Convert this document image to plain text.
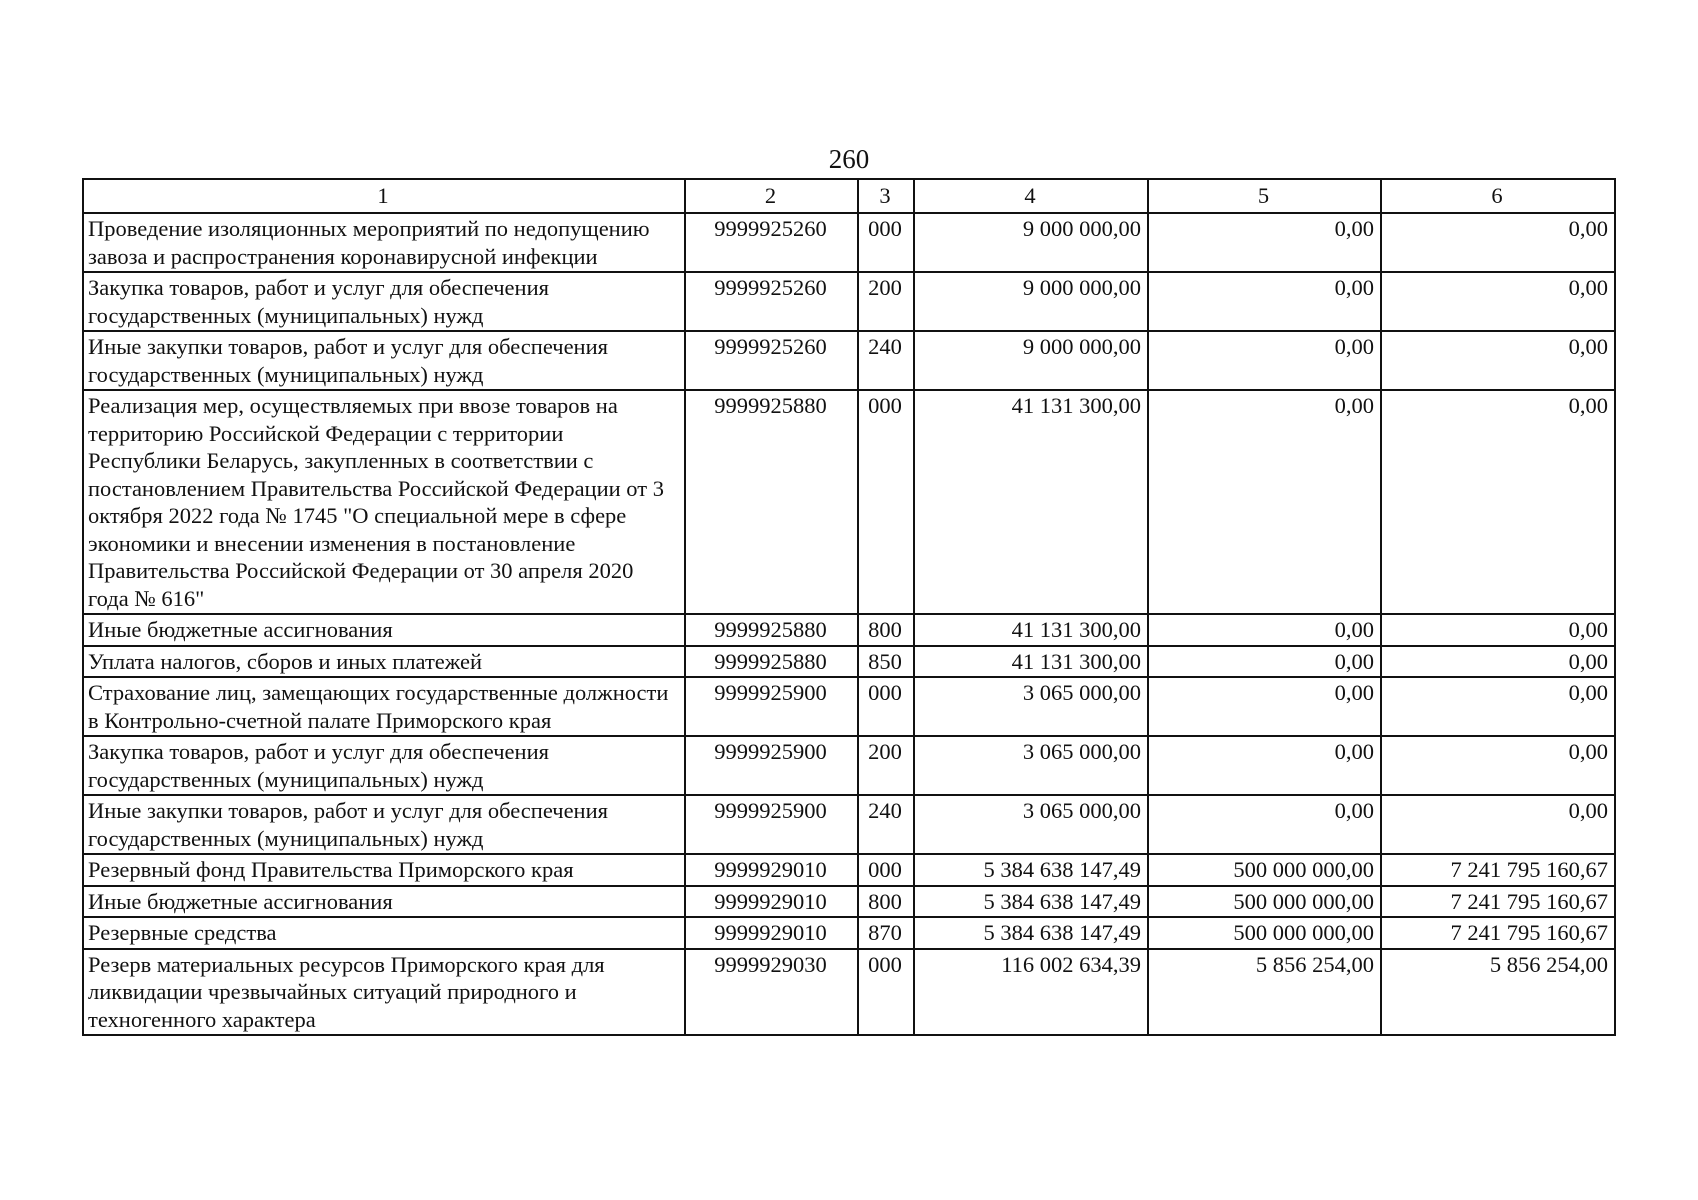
260
1	2	3	4	5	6
Проведение изоляционных мероприятий по недопущению завоза и распространения коронавирусной инфекции	9999925260	000	9 000 000,00	0,00	0,00
Закупка товаров, работ и услуг для обеспечения государственных (муниципальных) нужд	9999925260	200	9 000 000,00	0,00	0,00
Иные закупки товаров, работ и услуг для обеспечения государственных (муниципальных) нужд	9999925260	240	9 000 000,00	0,00	0,00
Реализация мер, осуществляемых при ввозе товаров на территорию Российской Федерации с территории Республики Беларусь, закупленных в соответствии с постановлением Правительства Российской Федерации от 3 октября 2022 года № 1745 "О специальной мере в сфере экономики и внесении изменения в постановление Правительства Российской Федерации от 30 апреля 2020 года № 616"	9999925880	000	41 131 300,00	0,00	0,00
Иные бюджетные ассигнования	9999925880	800	41 131 300,00	0,00	0,00
Уплата налогов, сборов и иных платежей	9999925880	850	41 131 300,00	0,00	0,00
Страхование лиц, замещающих государственные должности в Контрольно-счетной палате Приморского края	9999925900	000	3 065 000,00	0,00	0,00
Закупка товаров, работ и услуг для обеспечения государственных (муниципальных) нужд	9999925900	200	3 065 000,00	0,00	0,00
Иные закупки товаров, работ и услуг для обеспечения государственных (муниципальных) нужд	9999925900	240	3 065 000,00	0,00	0,00
Резервный фонд Правительства Приморского края	9999929010	000	5 384 638 147,49	500 000 000,00	7 241 795 160,67
Иные бюджетные ассигнования	9999929010	800	5 384 638 147,49	500 000 000,00	7 241 795 160,67
Резервные средства	9999929010	870	5 384 638 147,49	500 000 000,00	7 241 795 160,67
Резерв материальных ресурсов Приморского края для ликвидации чрезвычайных ситуаций природного и техногенного характера	9999929030	000	116 002 634,39	5 856 254,00	5 856 254,00
